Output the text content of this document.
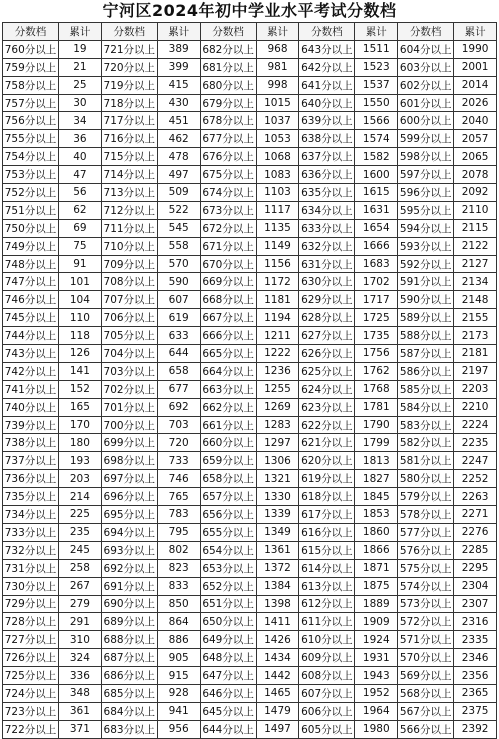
宁河区2024年初中学业水平考试分数档
分数档	累计	分数档	累计	分数档	累计	分数档	累计	分数档	累计
760分以上	19	721分以上	389	682分以上	968	643分以上	1511	604分以上	1990
759分以上	21	720分以上	399	681分以上	981	642分以上	1523	603分以上	2001
758分以上	25	719分以上	415	680分以上	998	641分以上	1537	602分以上	2014
757分以上	30	718分以上	430	679分以上	1015	640分以上	1550	601分以上	2026
756分以上	34	717分以上	451	678分以上	1037	639分以上	1566	600分以上	2040
755分以上	36	716分以上	462	677分以上	1053	638分以上	1574	599分以上	2057
754分以上	40	715分以上	478	676分以上	1068	637分以上	1582	598分以上	2065
753分以上	47	714分以上	497	675分以上	1083	636分以上	1600	597分以上	2078
752分以上	56	713分以上	509	674分以上	1103	635分以上	1615	596分以上	2092
751分以上	62	712分以上	522	673分以上	1117	634分以上	1631	595分以上	2110
750分以上	69	711分以上	545	672分以上	1135	633分以上	1654	594分以上	2115
749分以上	75	710分以上	558	671分以上	1149	632分以上	1666	593分以上	2122
748分以上	91	709分以上	570	670分以上	1156	631分以上	1683	592分以上	2127
747分以上	101	708分以上	590	669分以上	1172	630分以上	1702	591分以上	2134
746分以上	104	707分以上	607	668分以上	1181	629分以上	1717	590分以上	2148
745分以上	110	706分以上	619	667分以上	1194	628分以上	1725	589分以上	2155
744分以上	118	705分以上	633	666分以上	1211	627分以上	1735	588分以上	2173
743分以上	126	704分以上	644	665分以上	1222	626分以上	1756	587分以上	2181
742分以上	141	703分以上	658	664分以上	1236	625分以上	1762	586分以上	2197
741分以上	152	702分以上	677	663分以上	1255	624分以上	1768	585分以上	2203
740分以上	165	701分以上	692	662分以上	1269	623分以上	1781	584分以上	2210
739分以上	170	700分以上	703	661分以上	1283	622分以上	1790	583分以上	2224
738分以上	180	699分以上	720	660分以上	1297	621分以上	1799	582分以上	2235
737分以上	193	698分以上	733	659分以上	1306	620分以上	1813	581分以上	2247
736分以上	203	697分以上	746	658分以上	1321	619分以上	1827	580分以上	2252
735分以上	214	696分以上	765	657分以上	1330	618分以上	1845	579分以上	2263
734分以上	225	695分以上	783	656分以上	1339	617分以上	1853	578分以上	2271
733分以上	235	694分以上	795	655分以上	1349	616分以上	1860	577分以上	2276
732分以上	245	693分以上	802	654分以上	1361	615分以上	1866	576分以上	2285
731分以上	258	692分以上	823	653分以上	1372	614分以上	1871	575分以上	2295
730分以上	267	691分以上	833	652分以上	1384	613分以上	1875	574分以上	2304
729分以上	279	690分以上	850	651分以上	1398	612分以上	1889	573分以上	2307
728分以上	291	689分以上	864	650分以上	1411	611分以上	1909	572分以上	2316
727分以上	310	688分以上	886	649分以上	1426	610分以上	1924	571分以上	2335
726分以上	324	687分以上	905	648分以上	1434	609分以上	1931	570分以上	2346
725分以上	336	686分以上	915	647分以上	1442	608分以上	1943	569分以上	2356
724分以上	348	685分以上	928	646分以上	1465	607分以上	1952	568分以上	2365
723分以上	361	684分以上	941	645分以上	1479	606分以上	1964	567分以上	2375
722分以上	371	683分以上	956	644分以上	1497	605分以上	1980	566分以上	2392
